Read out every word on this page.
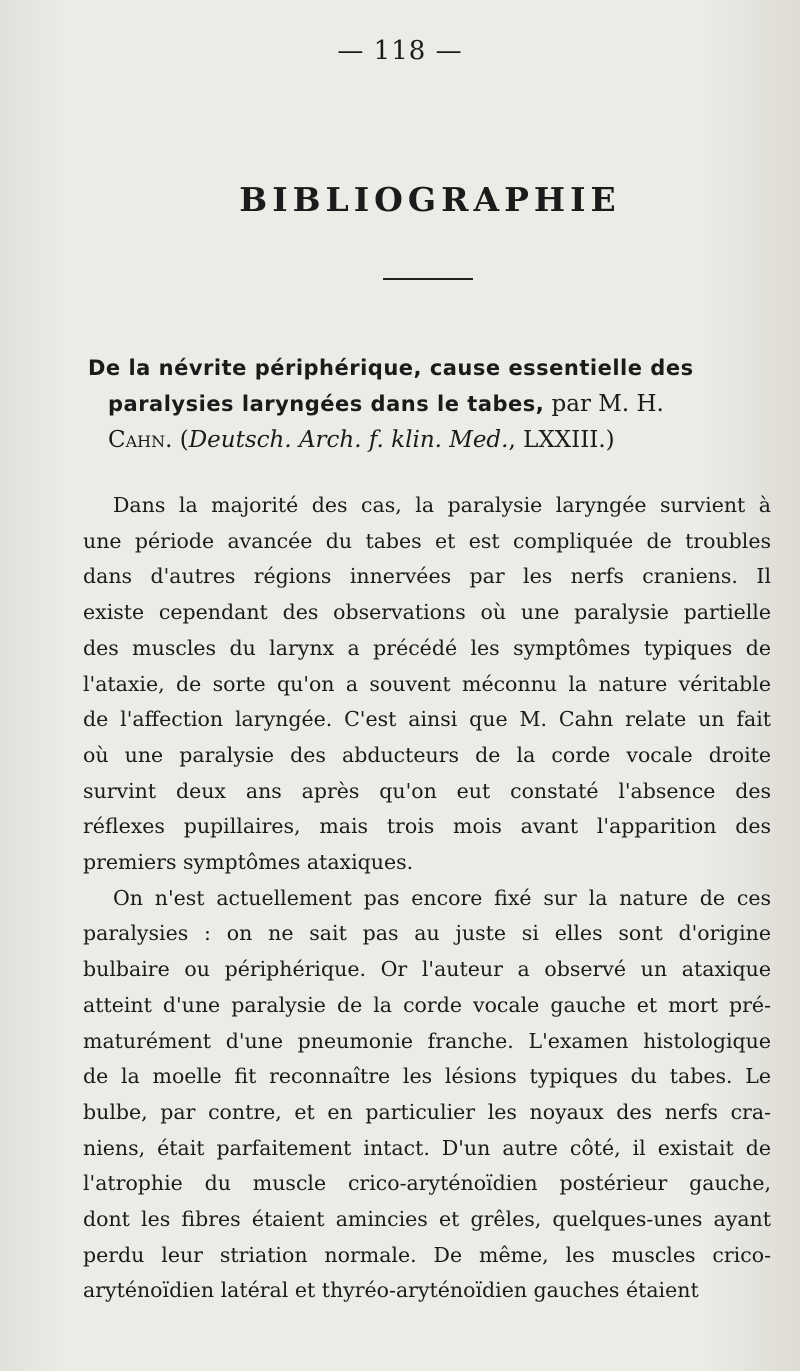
— 118 —
BIBLIOGRAPHIE
De la névrite périphérique, cause essentielle des
paralysies laryngées dans le tabes, par M. H.
Cahn. (Deutsch. Arch. f. klin. Med., LXXIII.)

Dans la majorité des cas, la paralysie laryngée survient à
une période avancée du tabes et est compliquée de troubles
dans d'autres régions innervées par les nerfs craniens. Il
existe cependant des observations où une paralysie partielle
des muscles du larynx a précédé les symptômes typiques de
l'ataxie, de sorte qu'on a souvent méconnu la nature véritable
de l'affection laryngée. C'est ainsi que M. Cahn relate un fait
où une paralysie des abducteurs de la corde vocale droite
survint deux ans après qu'on eut constaté l'absence des
réflexes pupillaires, mais trois mois avant l'apparition des
premiers symptômes ataxiques.

On n'est actuellement pas encore fixé sur la nature de ces
paralysies : on ne sait pas au juste si elles sont d'origine
bulbaire ou périphérique. Or l'auteur a observé un ataxique
atteint d'une paralysie de la corde vocale gauche et mort pré-
maturément d'une pneumonie franche. L'examen histologique
de la moelle fit reconnaître les lésions typiques du tabes. Le
bulbe, par contre, et en particulier les noyaux des nerfs cra-
niens, était parfaitement intact. D'un autre côté, il existait de
l'atrophie du muscle crico-aryténoïdien postérieur gauche,
dont les fibres étaient amincies et grêles, quelques-unes ayant
perdu leur striation normale. De même, les muscles crico-
aryténoïdien latéral et thyréo-aryténoïdien gauches étaient
